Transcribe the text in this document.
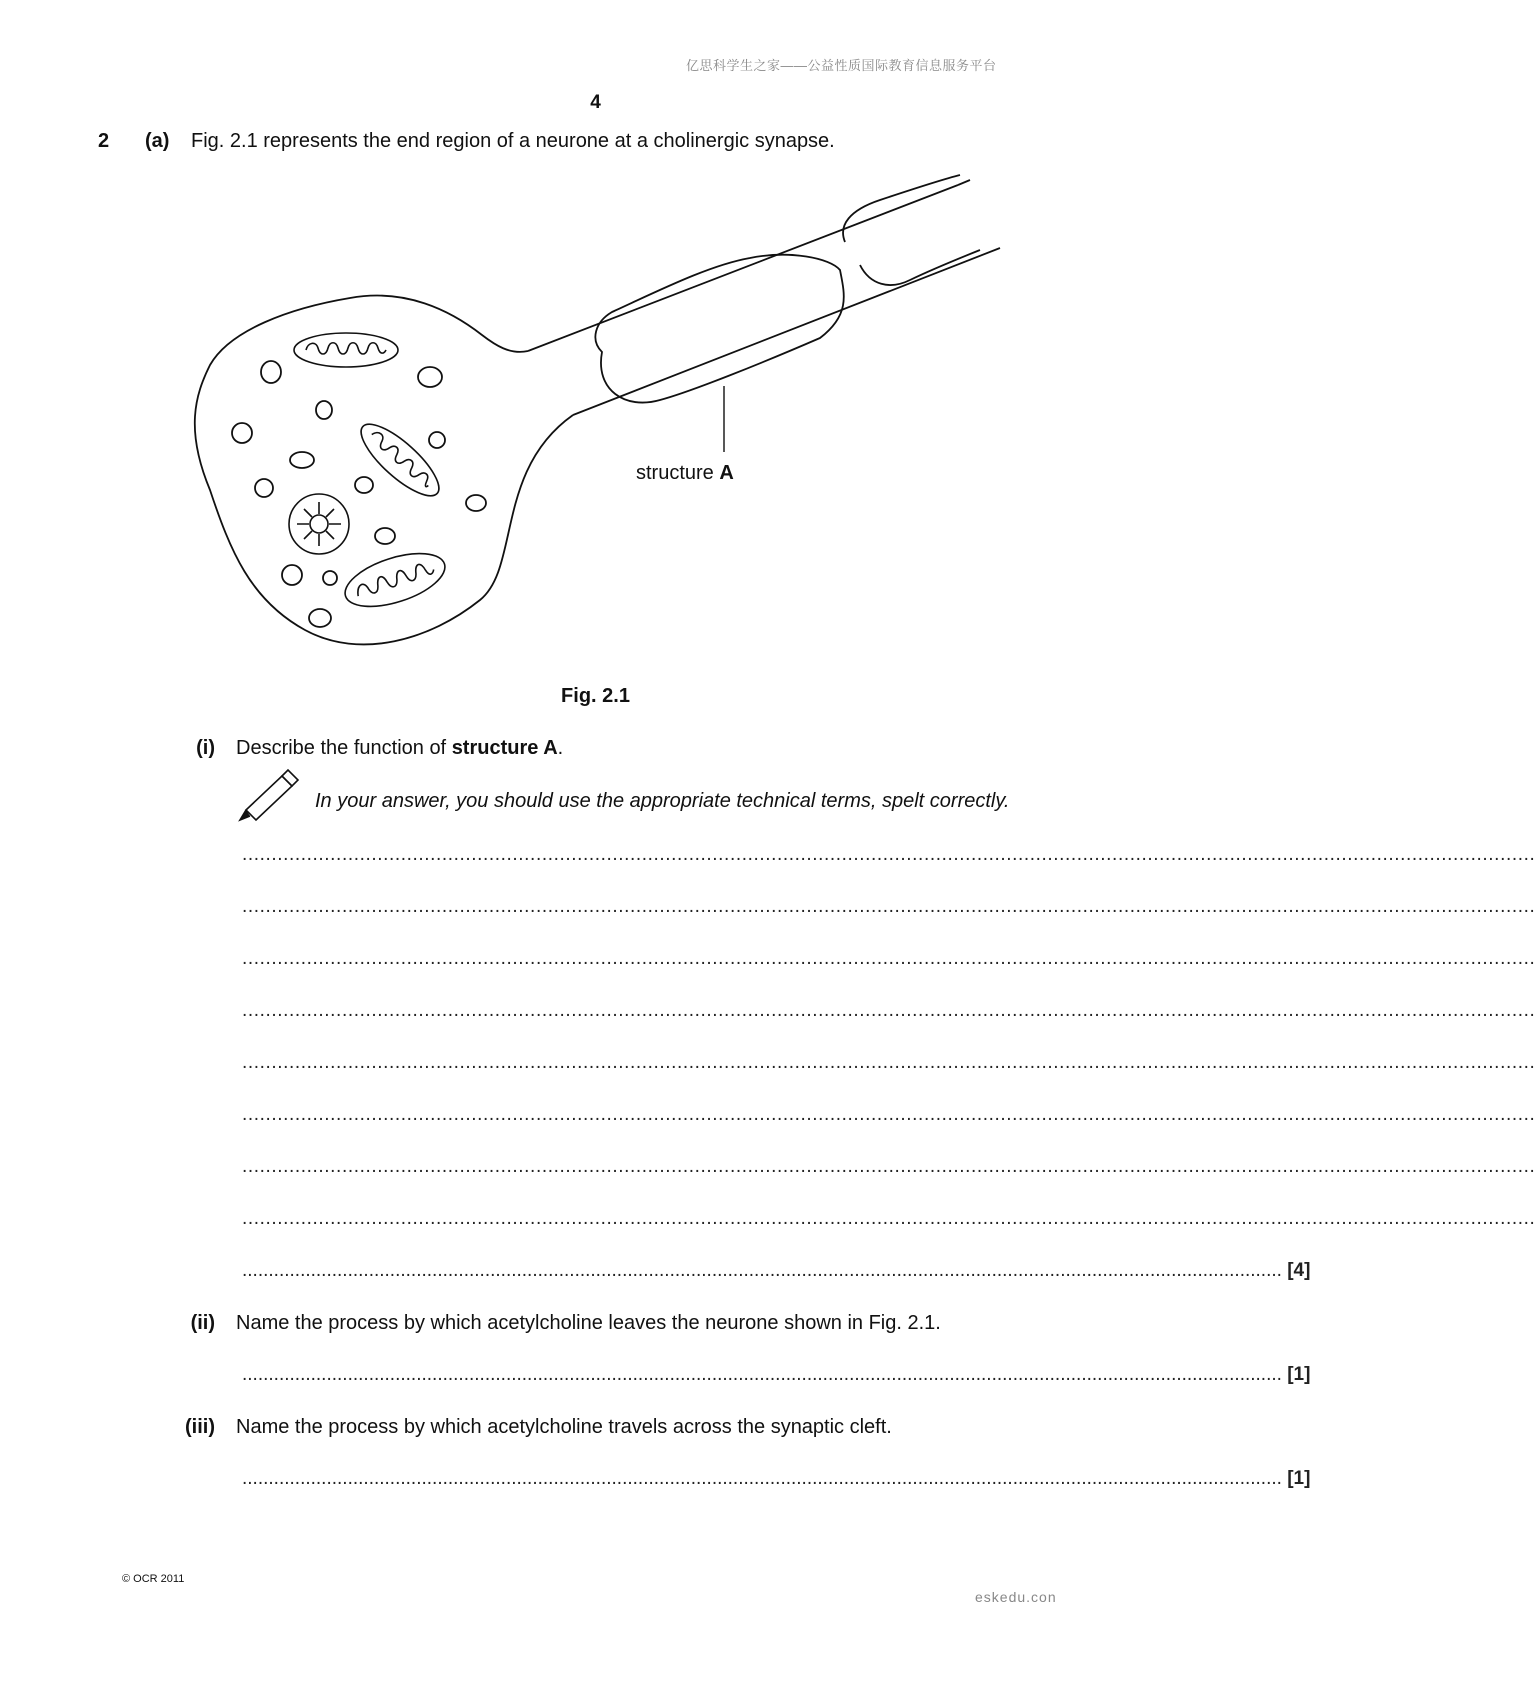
亿思科学生之家——公益性质国际教育信息服务平台
4
2 (a) Fig. 2.1 represents the end region of a neurone at a cholinergic synapse.
structure A
Fig. 2.1
(i) Describe the function of structure A.
In your answer, you should use the appropriate technical terms, spelt correctly.
............................................................................................................................................................................................................................
............................................................................................................................................................................................................................
............................................................................................................................................................................................................................
............................................................................................................................................................................................................................
............................................................................................................................................................................................................................
............................................................................................................................................................................................................................
............................................................................................................................................................................................................................
............................................................................................................................................................................................................................
..................................................................................................................................................................................................... [4]
(ii) Name the process by which acetylcholine leaves the neurone shown in Fig. 2.1.
..................................................................................................................................................................................................... [1]
(iii) Name the process by which acetylcholine travels across the synaptic cleft.
..................................................................................................................................................................................................... [1]
© OCR 2011
eskedu.con
